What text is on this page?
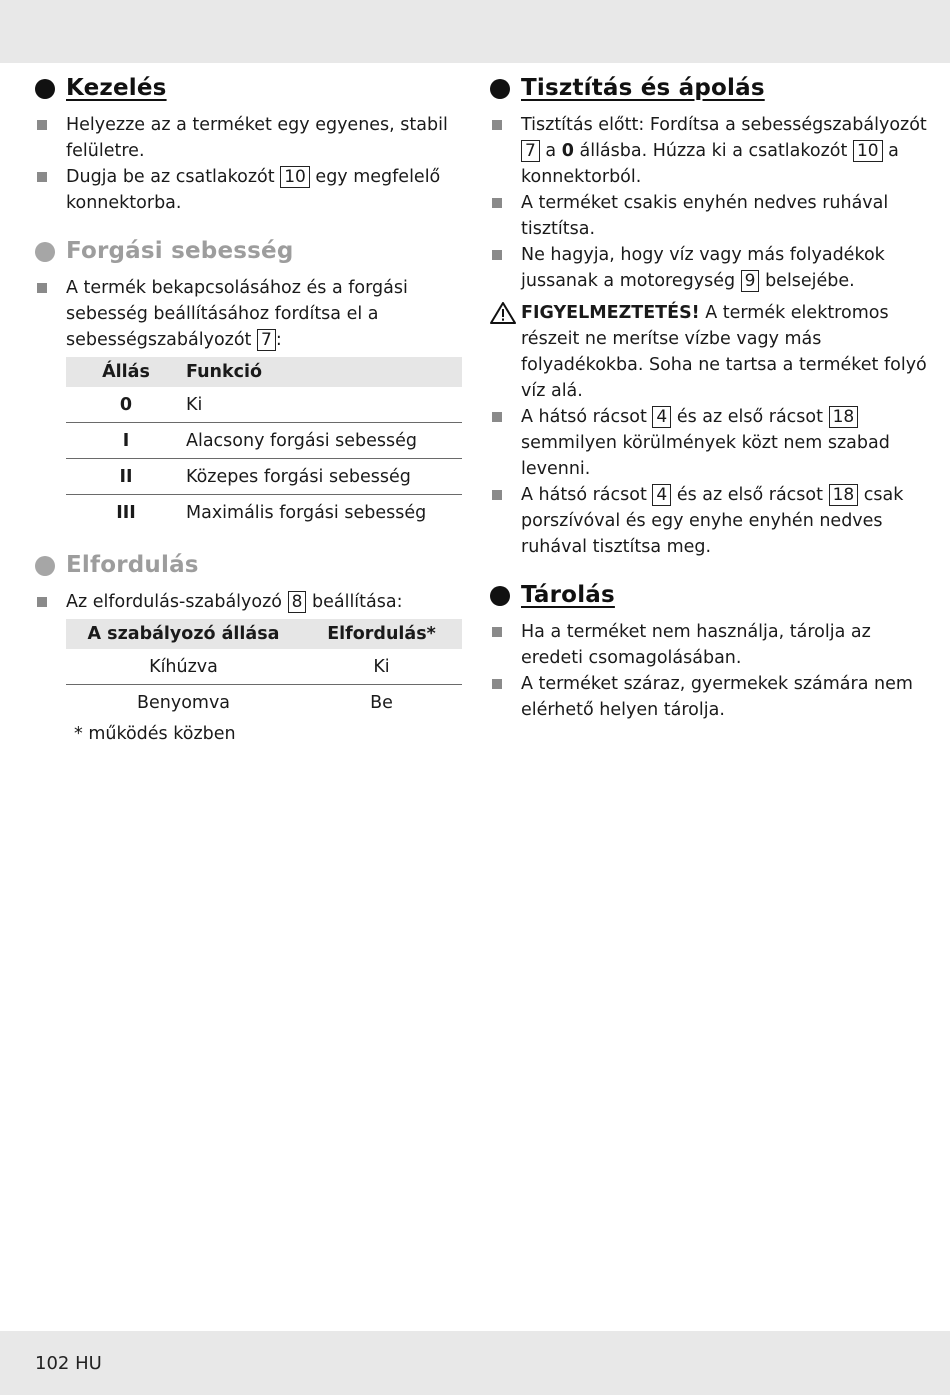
Kezelés
Helyezze az a terméket egy egyenes, stabil felületre.
Dugja be az csatlakozót 10 egy megfelelő konnektorba.
Forgási sebesség
A termék bekapcsolásához és a forgási sebesség beállításához fordítsa el a sebességszabályozót 7 :
Állás	Funkció
0	Ki
I	Alacsony forgási sebesség
II	Közepes forgási sebesség
III	Maximális forgási sebesség
Elfordulás
Az elfordulás-szabályozó 8 beállítása:
A szabályozó állása	Elfordulás*
Kíhúzva	Ki
Benyomva	Be
* működés közben
Tisztítás és ápolás
Tisztítás előtt: Fordítsa a sebességszabályozót 7 a 0 állásba. Húzza ki a csatlakozót 10 a konnektorból.
A terméket csakis enyhén nedves ruhával tisztítsa.
Ne hagyja, hogy víz vagy más folyadékok jussanak a motoregység 9 belsejébe.
FIGYELMEZTETÉS! A termék elektromos részeit ne merítse vízbe vagy más folyadékokba. Soha ne tartsa a terméket folyó víz alá.
A hátsó rácsot 4 és az első rácsot 18 semmilyen körülmények közt nem szabad levenni.
A hátsó rácsot 4 és az első rácsot 18 csak porszívóval és egy enyhe enyhén nedves ruhával tisztítsa meg.
Tárolás
Ha a terméket nem használja, tárolja az eredeti csomagolásában.
A terméket száraz, gyermekek számára nem elérhető helyen tárolja.
102 HU
